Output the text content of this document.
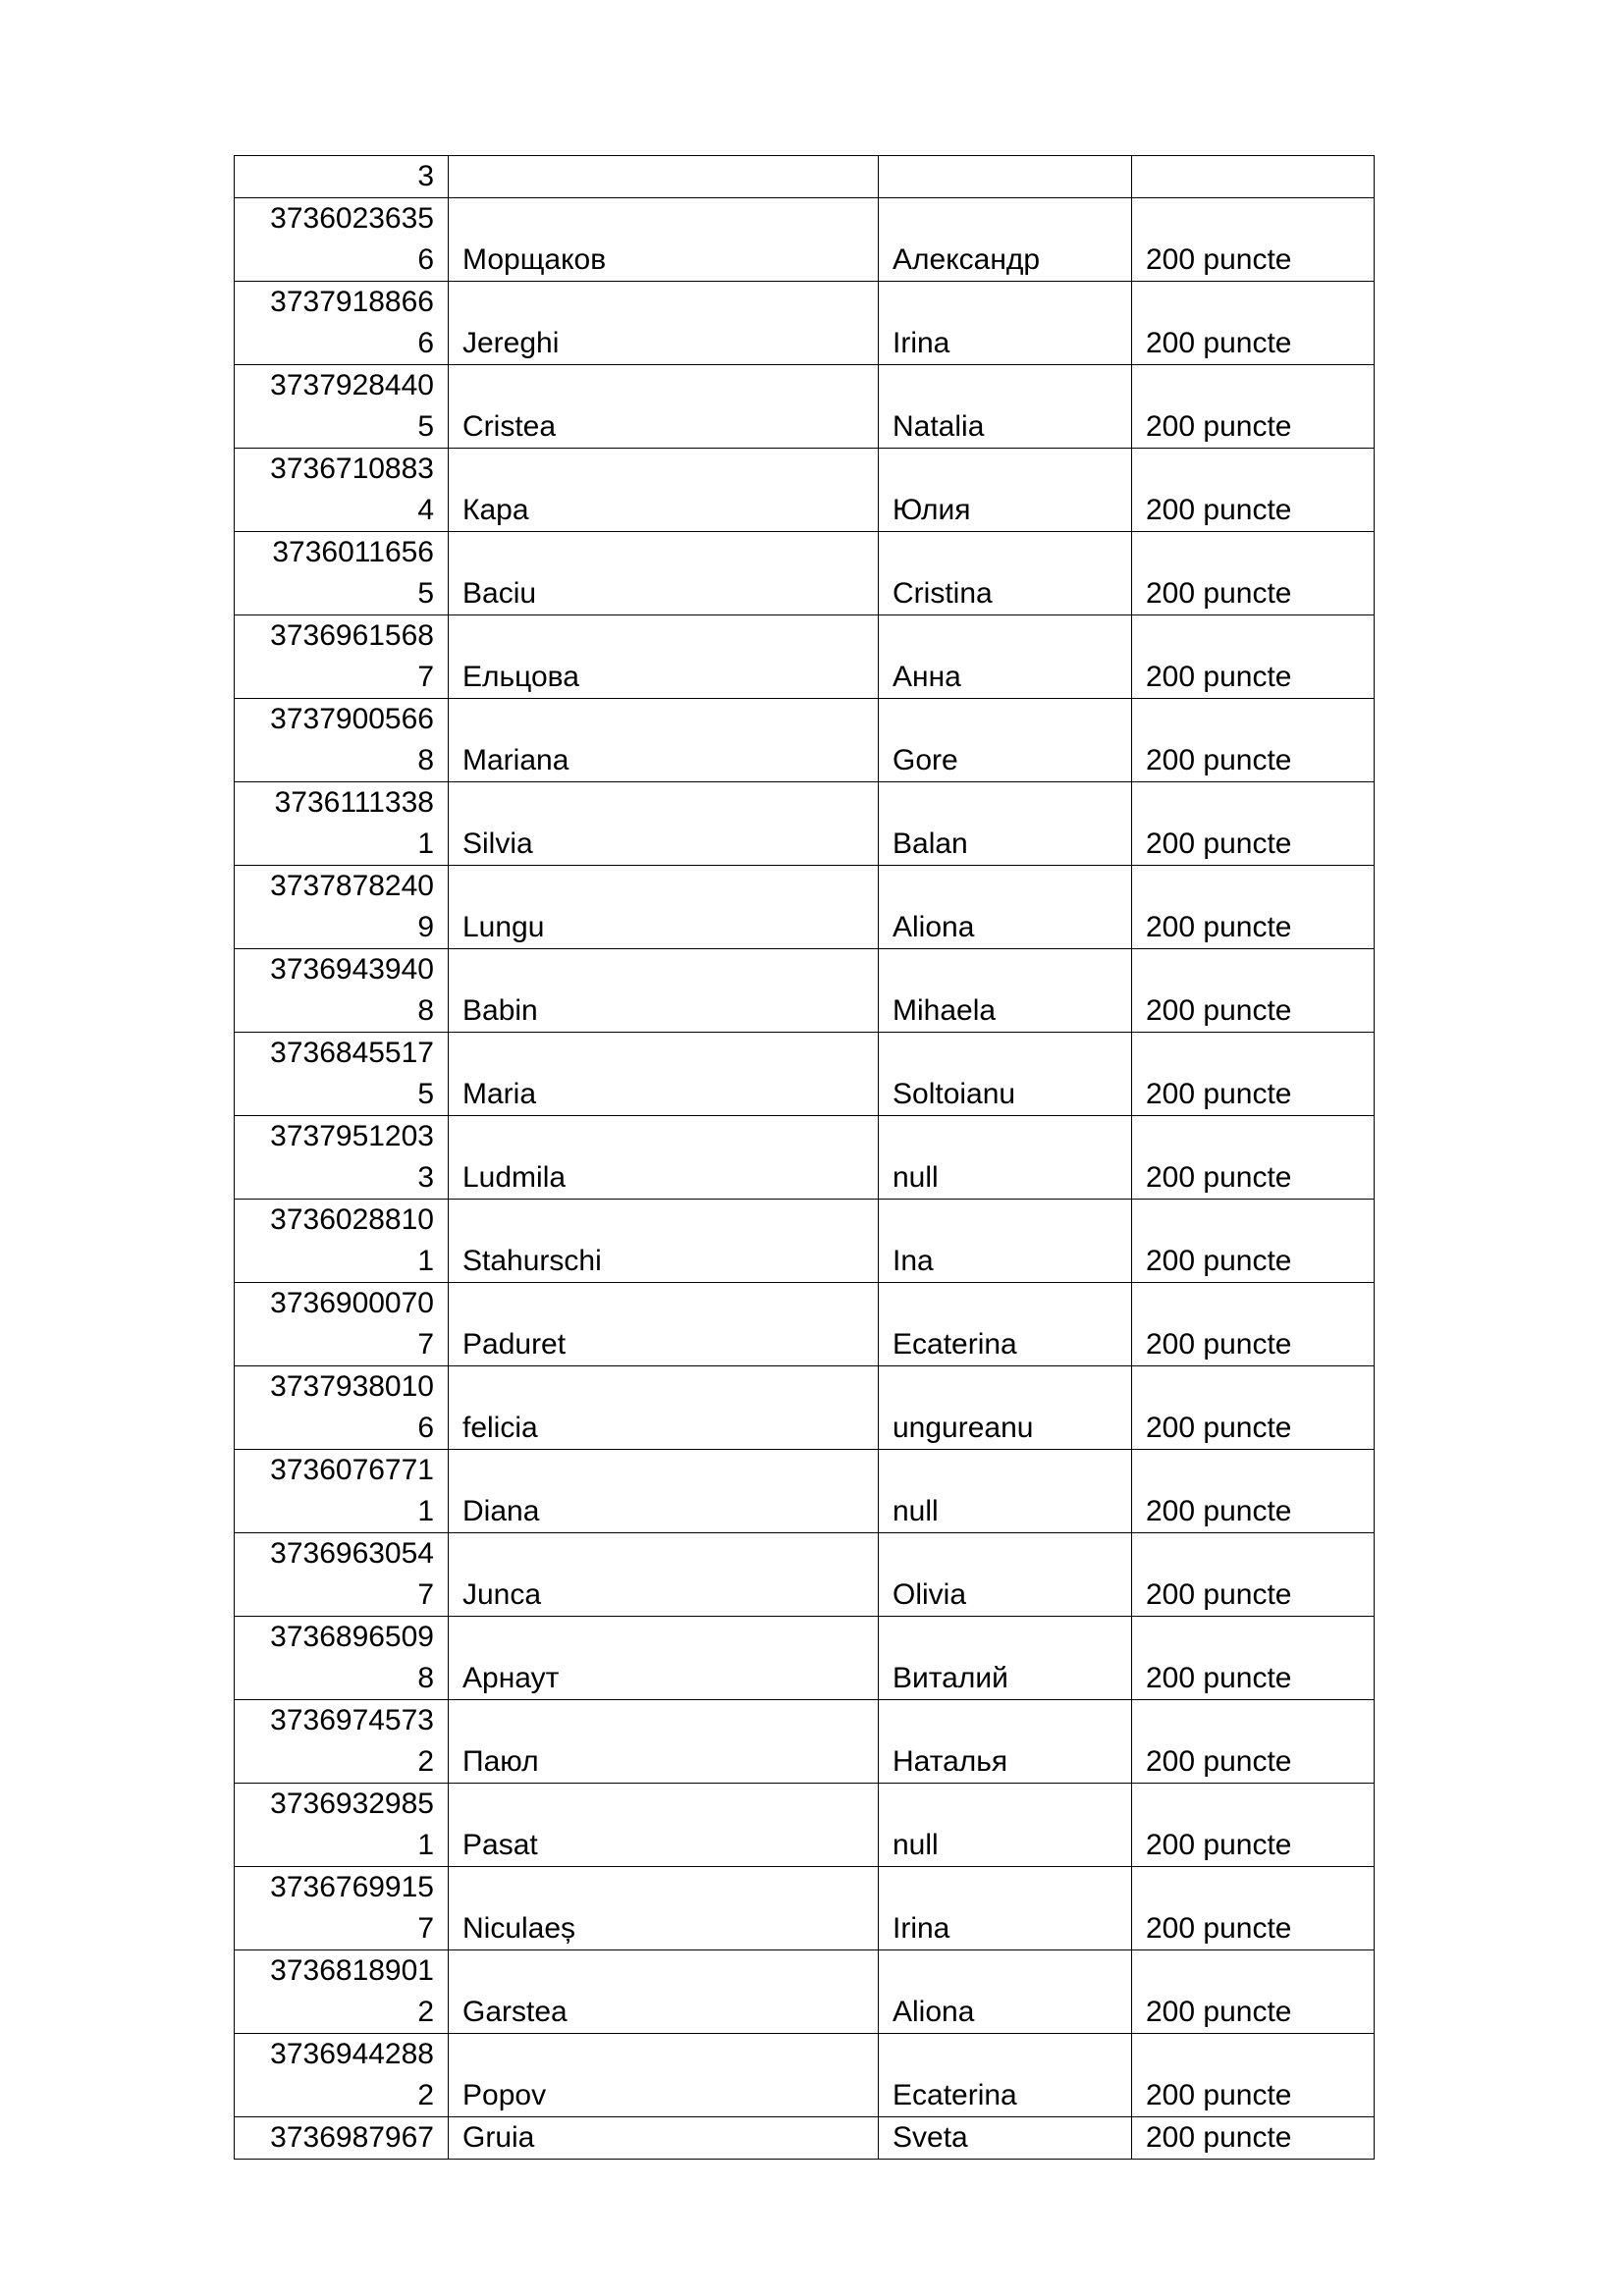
3			

3736023635
6	Морщаков	Александр	200 puncte

3737918866
6	Jereghi	Irina	200 puncte

3737928440
5	Cristea	Natalia	200 puncte

3736710883
4	Кара	Юлия	200 puncte

3736011656
5	Baciu	Cristina	200 puncte

3736961568
7	Ельцова	Анна	200 puncte

3737900566
8	Mariana	Gore	200 puncte

3736111338
1	Silvia	Balan	200 puncte

3737878240
9	Lungu	Aliona	200 puncte

3736943940
8	Babin	Mihaela	200 puncte

3736845517
5	Maria	Soltoianu	200 puncte

3737951203
3	Ludmila	null	200 puncte

3736028810
1	Stahurschi	Ina	200 puncte

3736900070
7	Paduret	Ecaterina	200 puncte

3737938010
6	felicia	ungureanu	200 puncte

3736076771
1	Diana	null	200 puncte

3736963054
7	Junca	Olivia	200 puncte

3736896509
8	Арнаут	Виталий	200 puncte

3736974573
2	Паюл	Наталья	200 puncte

3736932985
1	Pasat	null	200 puncte

3736769915
7	Niculaeș	Irina	200 puncte

3736818901
2	Garstea	Aliona	200 puncte

3736944288
2	Popov	Ecaterina	200 puncte
3736987967	Gruia	Sveta	200 puncte
